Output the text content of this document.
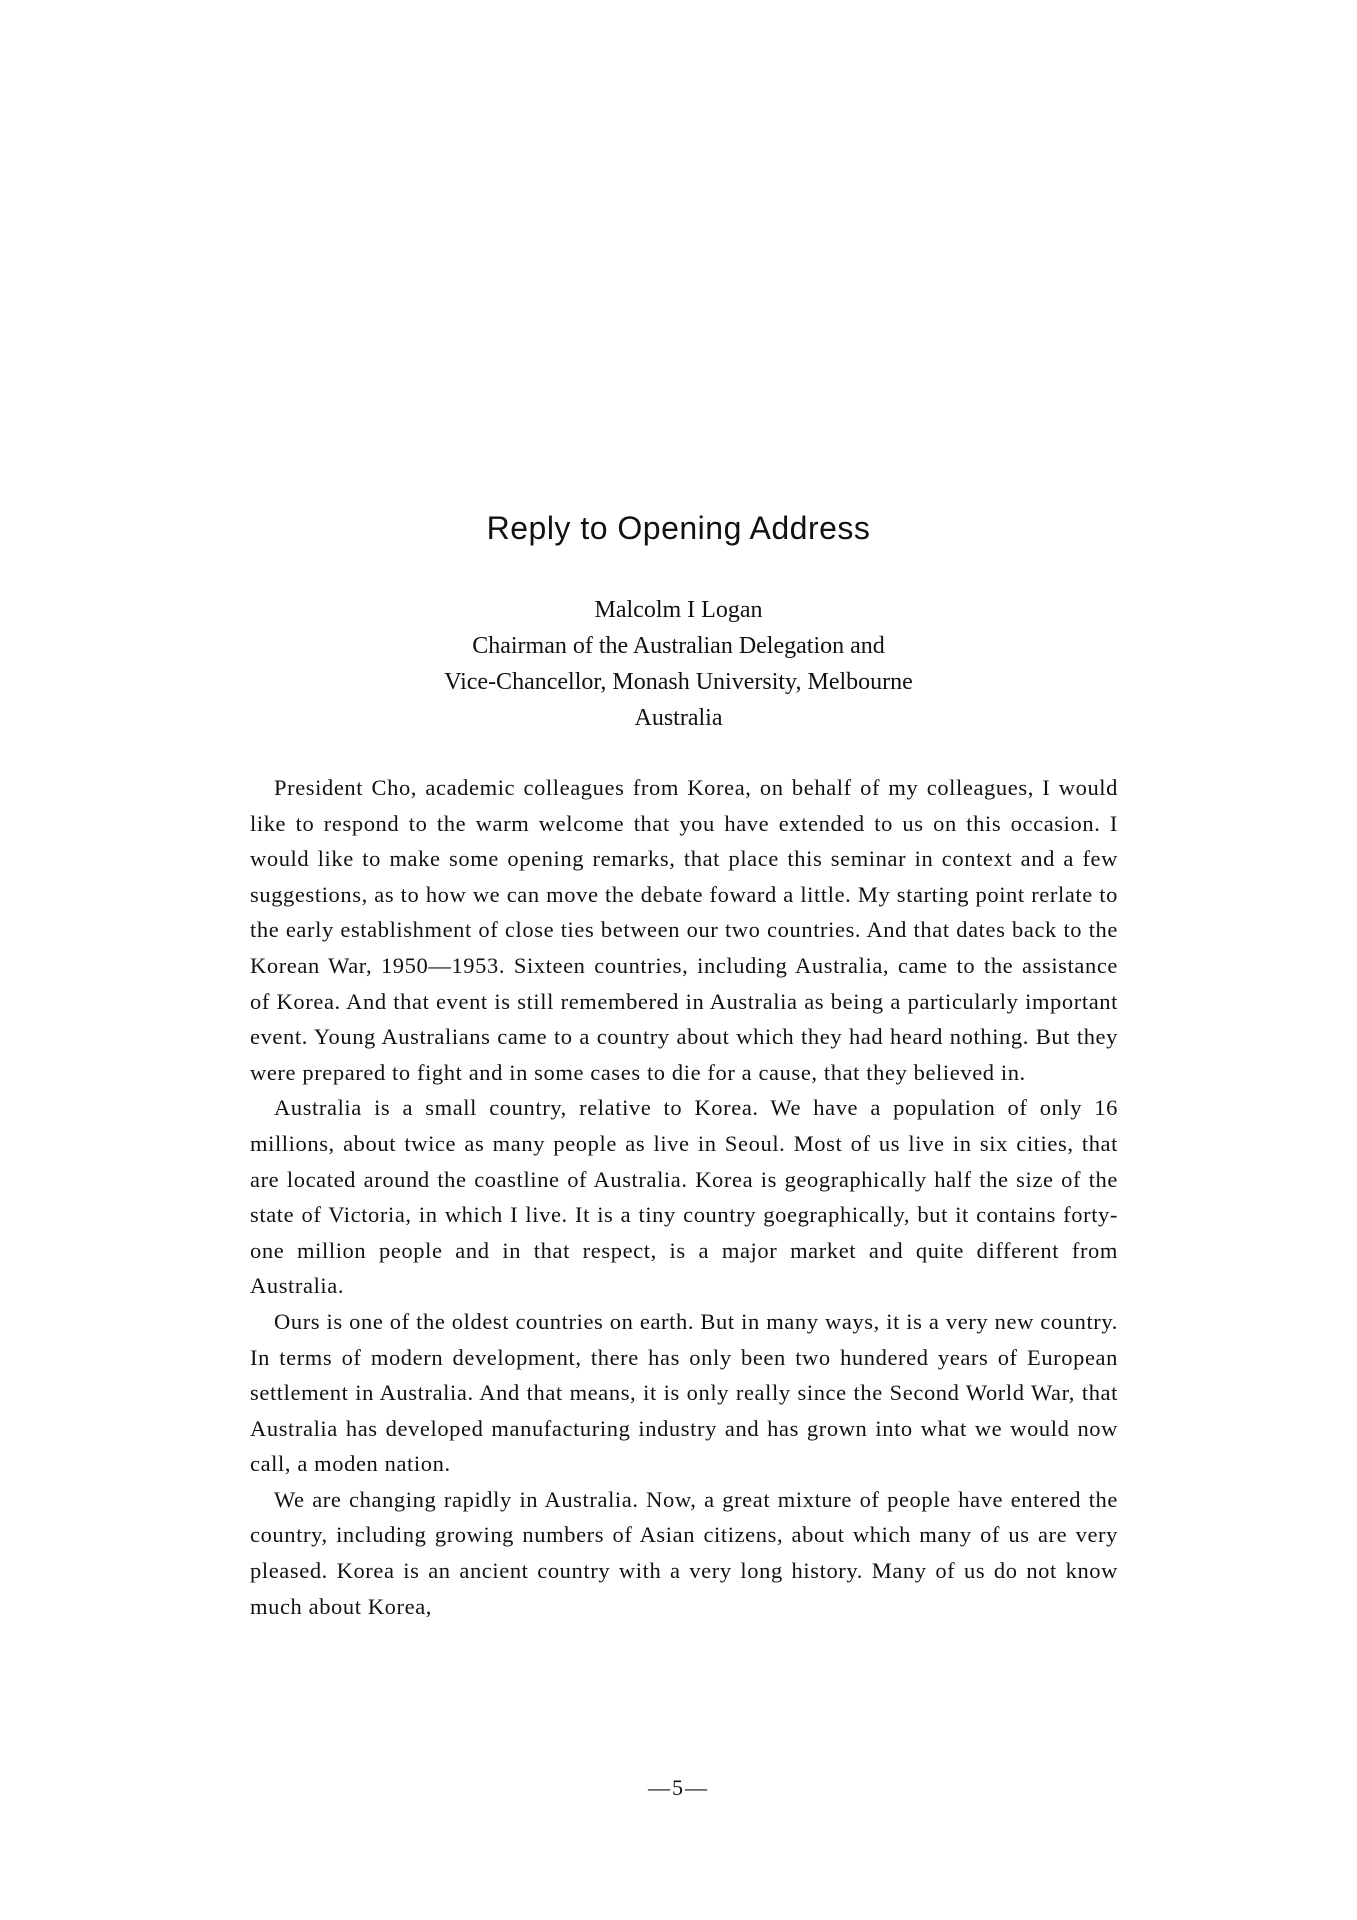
Reply to Opening Address
Malcolm I Logan
Chairman of the Australian Delegation and
Vice-Chancellor, Monash University, Melbourne
Australia

President Cho, academic colleagues from Korea, on behalf of my colleagues, I would like to respond to the warm welcome that you have extended to us on this occasion. I would like to make some opening remarks, that place this seminar in context and a few suggestions, as to how we can move the debate foward a little. My starting point rerlate to the early establishment of close ties between our two countries. And that dates back to the Korean War, 1950—1953. Sixteen countries, including Australia, came to the assistance of Korea. And that event is still remembered in Australia as being a particularly important event. Young Australians came to a country about which they had heard nothing. But they were prepared to fight and in some cases to die for a cause, that they believed in.

Australia is a small country, relative to Korea. We have a population of only 16 millions, about twice as many people as live in Seoul. Most of us live in six cities, that are located around the coastline of Australia. Korea is geographically half the size of the state of Victoria, in which I live. It is a tiny country goegraphically, but it contains forty-one million people and in that respect, is a major market and quite different from Australia.

Ours is one of the oldest countries on earth. But in many ways, it is a very new country. In terms of modern development, there has only been two hundered years of European settlement in Australia. And that means, it is only really since the Second World War, that Australia has developed manufacturing industry and has grown into what we would now call, a moden nation.

We are changing rapidly in Australia. Now, a great mixture of people have entered the country, including growing numbers of Asian citizens, about which many of us are very pleased. Korea is an ancient country with a very long history. Many of us do not know much about Korea,

—5—
